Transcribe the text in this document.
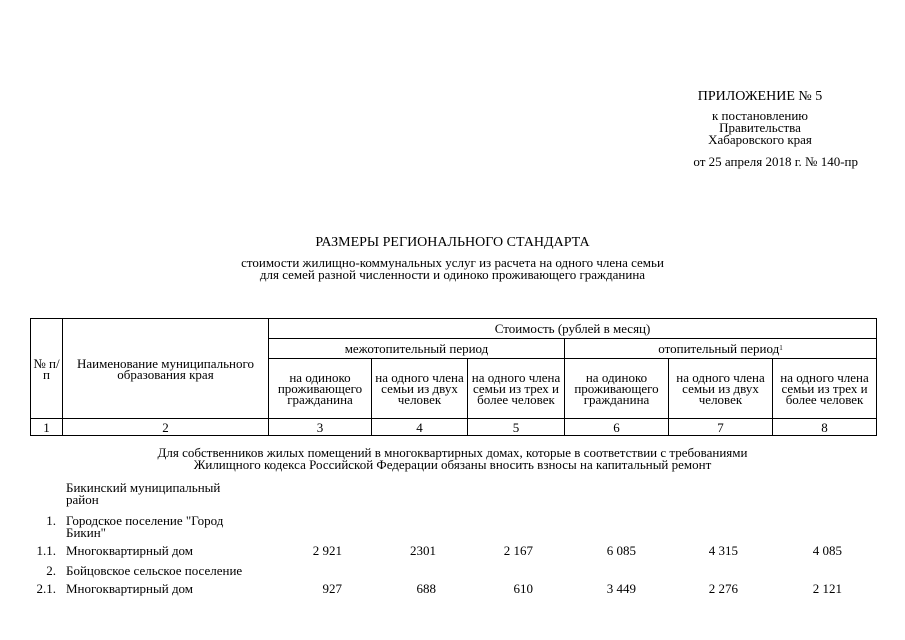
ПРИЛОЖЕНИЕ № 5
к постановлению
Правительства
Хабаровского края
от 25 апреля 2018 г. № 140-пр
РАЗМЕРЫ РЕГИОНАЛЬНОГО СТАНДАРТА
стоимости жилищно-коммунальных услуг из расчета на одного члена семьи
для семей разной численности и одиноко проживающего гражданина
№ п/п	Наименование муниципального образования края	Стоимость (рублей в месяц)					
		межотопительный период			отопительный период$^1$
		на одиноко проживающего гражданина	на одного члена семьи из двух человек	на одного члена семьи из трех и более человек	на одиноко проживающего гражданина	на одного члена семьи из двух человек	на одного члена семьи из трех и более человек
1	2	3	4	5	6	7	8
Для собственников жилых помещений в многоквартирных домах, которые в соответствии с требованиями
Жилищного кодекса Российской Федерации обязаны вносить взносы на капитальный ремонт
Бикинский муниципальный
район
1. Городское поселение "Город
Бикин"
1.1. Многоквартирный дом	2 921	2301	2 167	6 085	4 315	4 085
2. Бойцовское сельское поселение
2.1. Многоквартирный дом	927	688	610	3 449	2 276	2 121
